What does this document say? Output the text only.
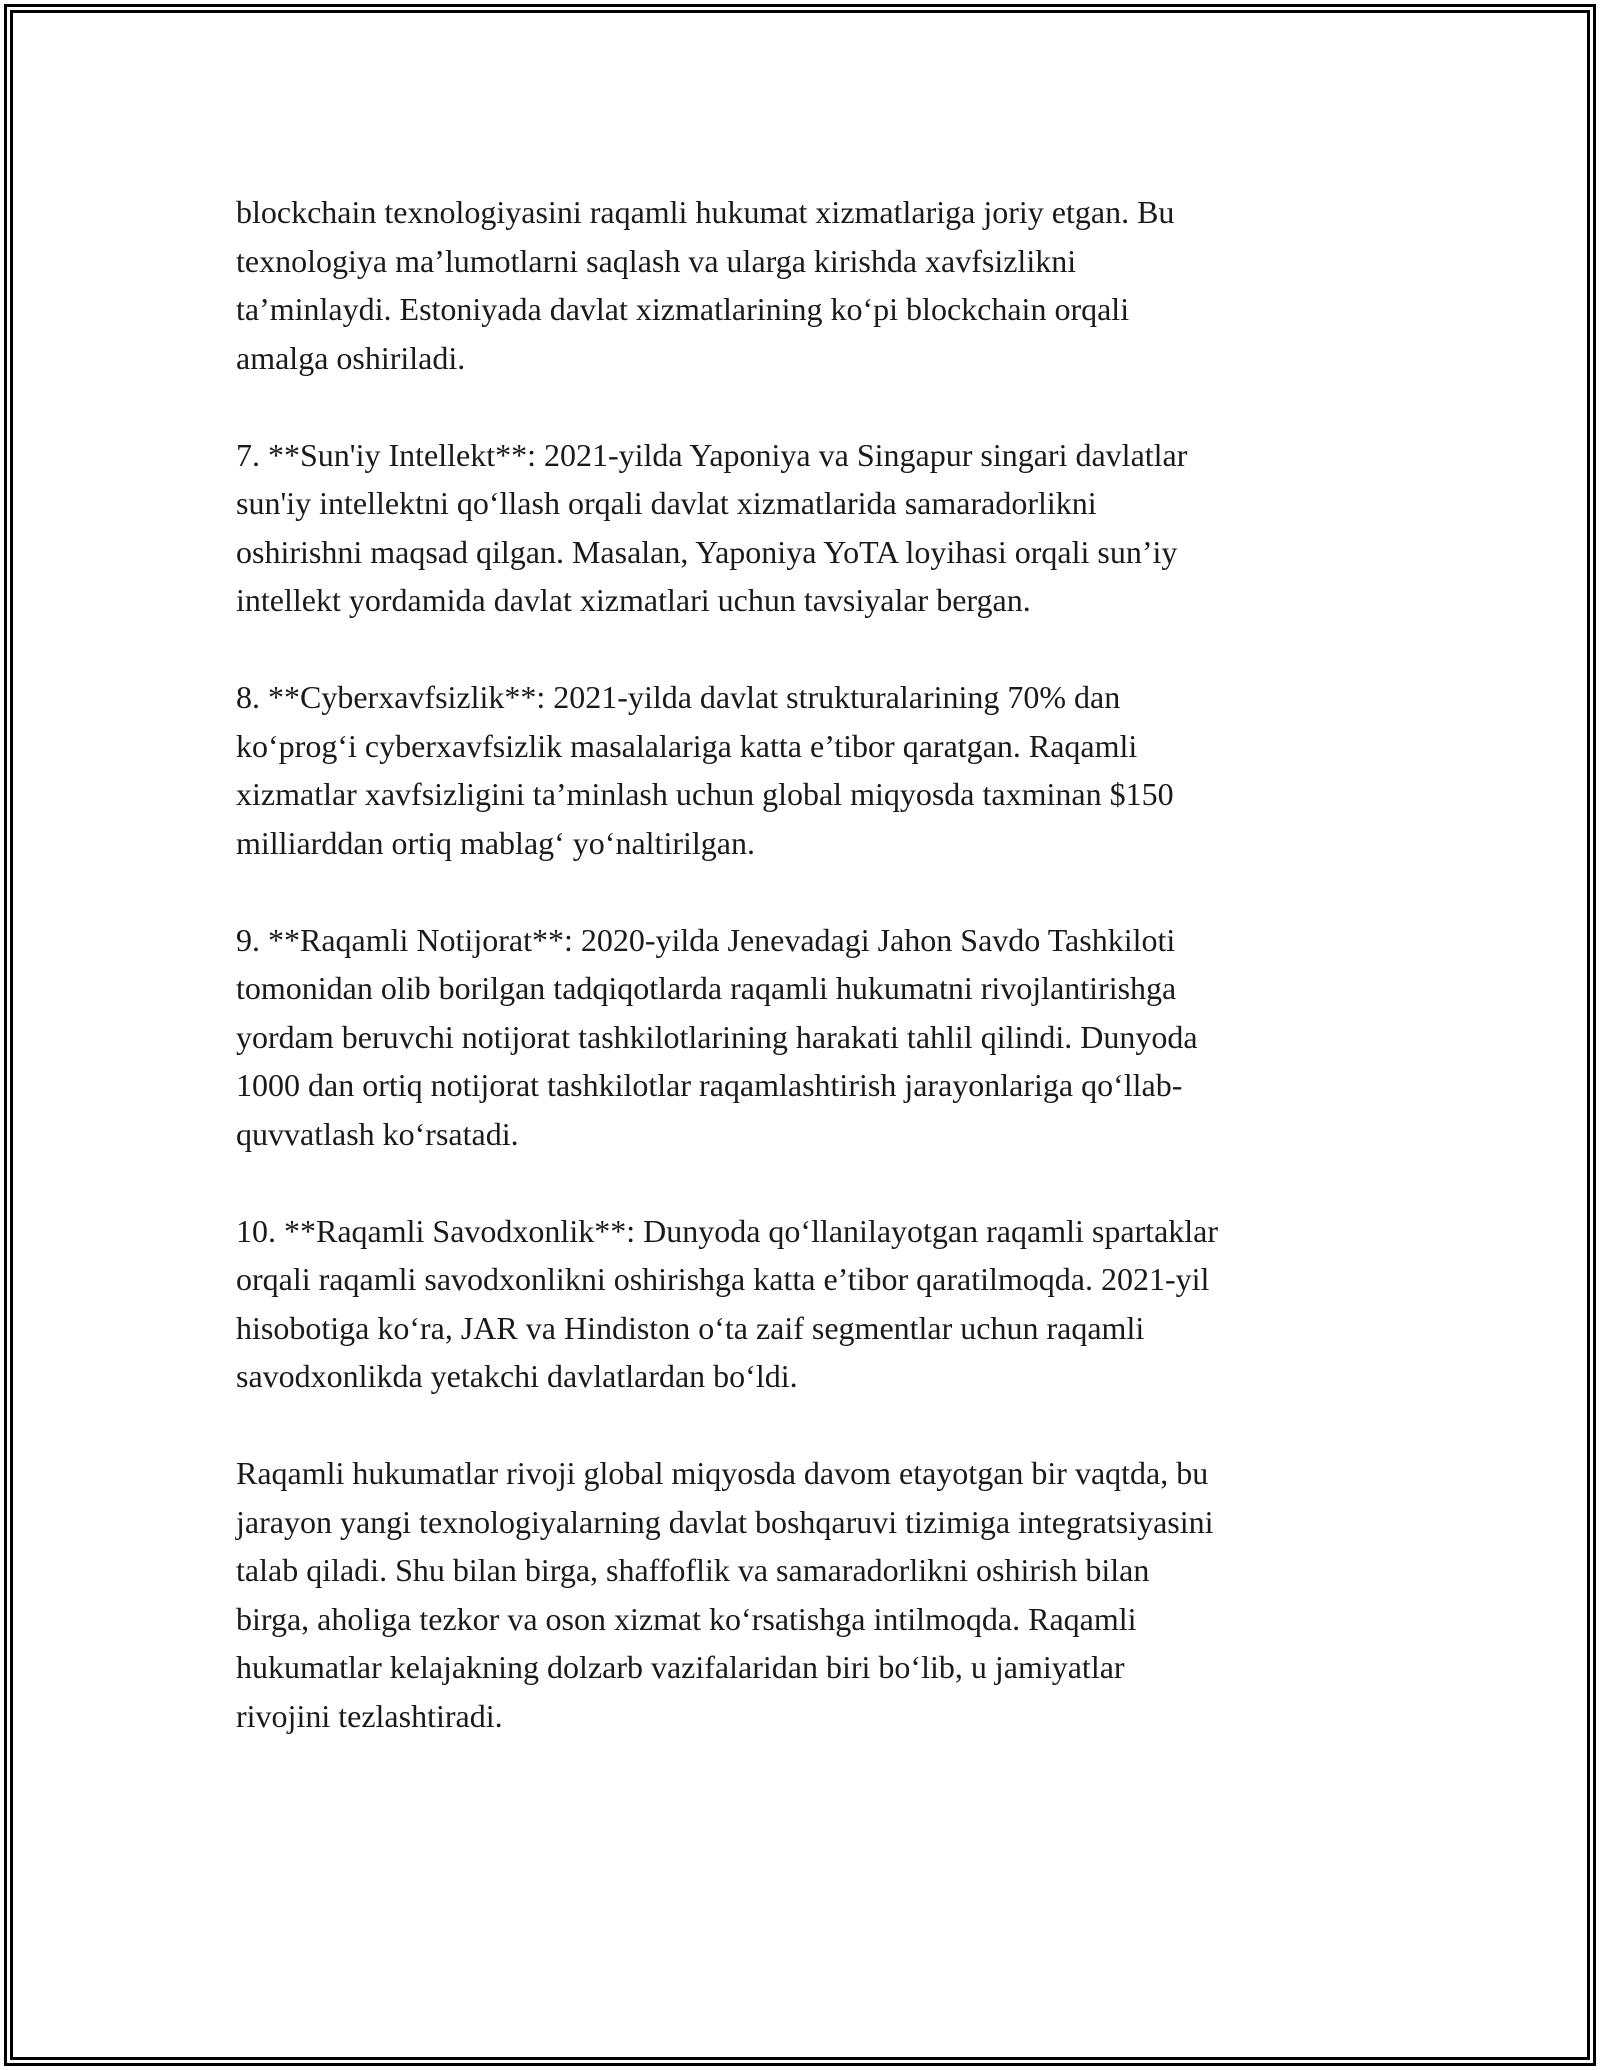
blockchain texnologiyasini raqamli hukumat xizmatlariga joriy etgan. Bu
texnologiya ma’lumotlarni saqlash va ularga kirishda xavfsizlikni
ta’minlaydi. Estoniyada davlat xizmatlarining ko‘pi blockchain orqali
amalga oshiriladi.

7. **Sun'iy Intellekt**: 2021-yilda Yaponiya va Singapur singari davlatlar
sun'iy intellektni qo‘llash orqali davlat xizmatlarida samaradorlikni
oshirishni maqsad qilgan. Masalan, Yaponiya YoTA loyihasi orqali sun’iy
intellekt yordamida davlat xizmatlari uchun tavsiyalar bergan.

8. **Cyberxavfsizlik**: 2021-yilda davlat strukturalarining 70% dan
ko‘prog‘i cyberxavfsizlik masalalariga katta e’tibor qaratgan. Raqamli
xizmatlar xavfsizligini ta’minlash uchun global miqyosda taxminan $150
milliarddan ortiq mablag‘ yo‘naltirilgan.

9. **Raqamli Notijorat**: 2020-yilda Jenevadagi Jahon Savdo Tashkiloti
tomonidan olib borilgan tadqiqotlarda raqamli hukumatni rivojlantirishga
yordam beruvchi notijorat tashkilotlarining harakati tahlil qilindi. Dunyoda
1000 dan ortiq notijorat tashkilotlar raqamlashtirish jarayonlariga qo‘llab-
quvvatlash ko‘rsatadi.

10. **Raqamli Savodxonlik**: Dunyoda qo‘llanilayotgan raqamli spartaklar
orqali raqamli savodxonlikni oshirishga katta e’tibor qaratilmoqda. 2021-yil
hisobotiga ko‘ra, JAR va Hindiston o‘ta zaif segmentlar uchun raqamli
savodxonlikda yetakchi davlatlardan bo‘ldi.

Raqamli hukumatlar rivoji global miqyosda davom etayotgan bir vaqtda, bu
jarayon yangi texnologiyalarning davlat boshqaruvi tizimiga integratsiyasini
talab qiladi. Shu bilan birga, shaffoflik va samaradorlikni oshirish bilan
birga, aholiga tezkor va oson xizmat ko‘rsatishga intilmoqda. Raqamli
hukumatlar kelajakning dolzarb vazifalaridan biri bo‘lib, u jamiyatlar
rivojini tezlashtiradi.
